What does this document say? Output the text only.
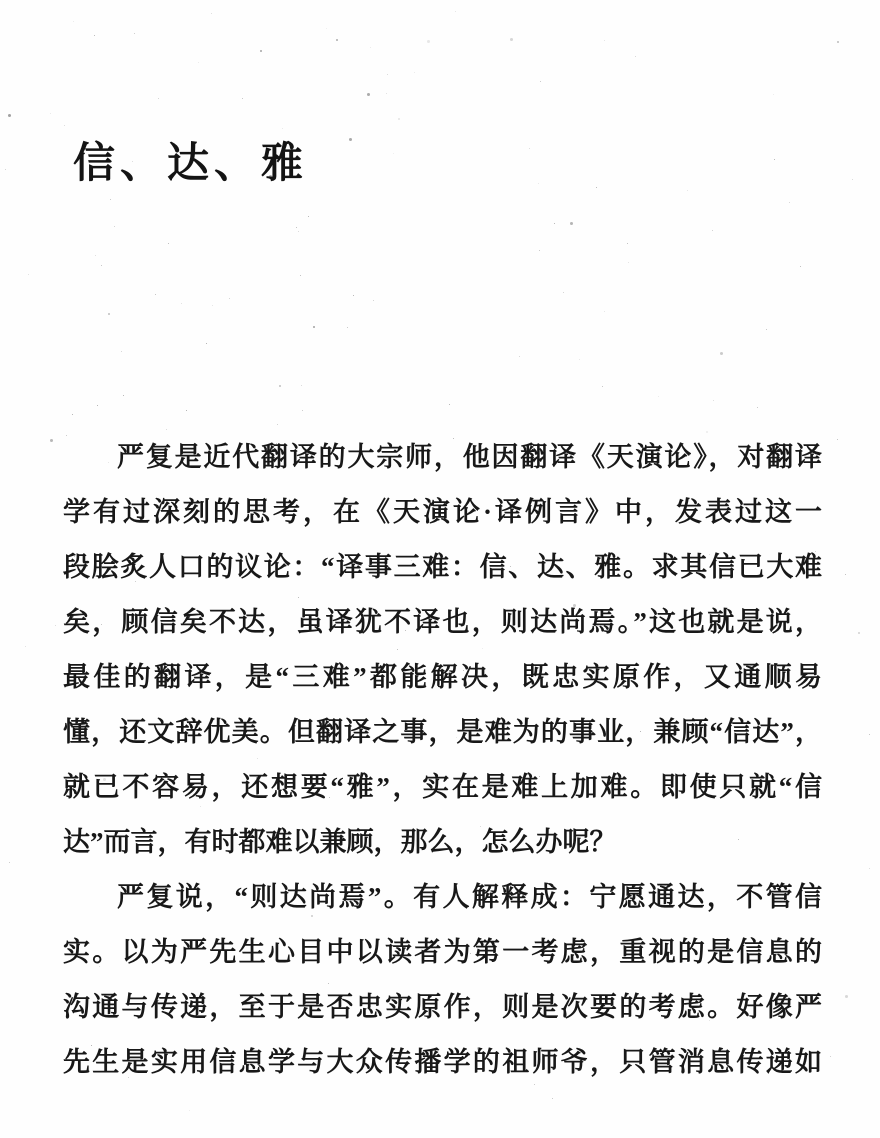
信、达、雅
严复是近代翻译的大宗师，他因翻译《天演论》，对翻译
学有过深刻的思考，在《天演论·译例言》中，发表过这一
段脍炙人口的议论：“译事三难：信、达、雅。求其信已大难
矣，顾信矣不达，虽译犹不译也，则达尚焉。”这也就是说，
最佳的翻译，是“三难”都能解决，既忠实原作，又通顺易
懂，还文辞优美。但翻译之事，是难为的事业，兼顾“信达”，
就已不容易，还想要“雅”，实在是难上加难。即使只就“信
达”而言，有时都难以兼顾，那么，怎么办呢？
严复说，“则达尚焉”。有人解释成：宁愿通达，不管信
实。以为严先生心目中以读者为第一考虑，重视的是信息的
沟通与传递，至于是否忠实原作，则是次要的考虑。好像严
先生是实用信息学与大众传播学的祖师爷，只管消息传递如
